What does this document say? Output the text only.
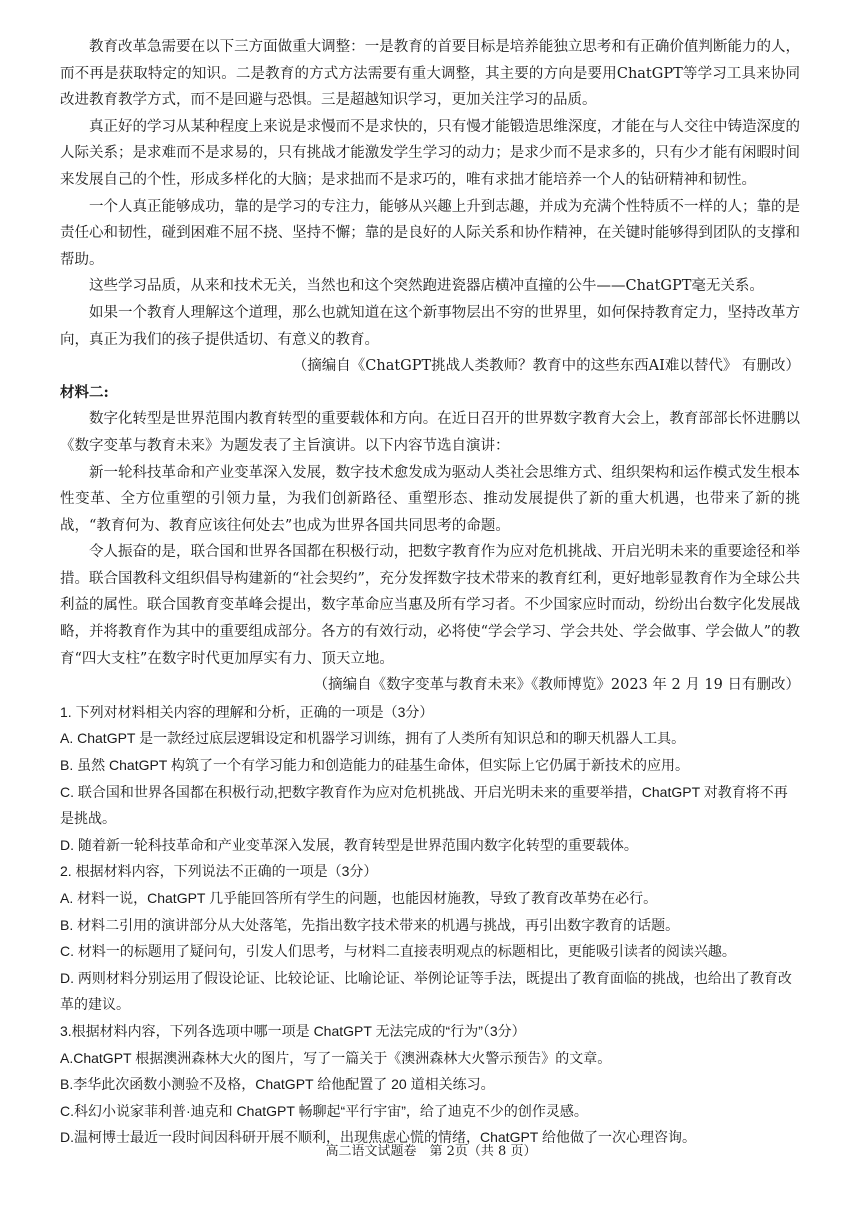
教育改革急需要在以下三方面做重大调整：一是教育的首要目标是培养能独立思考和有正确价值判断能力的人，而不再是获取特定的知识。二是教育的方式方法需要有重大调整，其主要的方向是要用ChatGPT等学习工具来协同改进教育教学方式，而不是回避与恐惧。三是超越知识学习，更加关注学习的品质。

真正好的学习从某种程度上来说是求慢而不是求快的，只有慢才能锻造思维深度，才能在与人交往中铸造深度的人际关系；是求难而不是求易的，只有挑战才能激发学生学习的动力；是求少而不是求多的，只有少才能有闲暇时间来发展自己的个性，形成多样化的大脑；是求拙而不是求巧的，唯有求拙才能培养一个人的钻研精神和韧性。

一个人真正能够成功，靠的是学习的专注力，能够从兴趣上升到志趣，并成为充满个性特质不一样的人；靠的是责任心和韧性，碰到困难不屈不挠、坚持不懈；靠的是良好的人际关系和协作精神，在关键时能够得到团队的支撑和帮助。

这些学习品质，从来和技术无关，当然也和这个突然跑进瓷器店横冲直撞的公牛——ChatGPT毫无关系。

如果一个教育人理解这个道理，那么也就知道在这个新事物层出不穷的世界里，如何保持教育定力，坚持改革方向，真正为我们的孩子提供适切、有意义的教育。

（摘编自《ChatGPT挑战人类教师？教育中的这些东西AI难以替代》 有删改）

材料二:

数字化转型是世界范围内教育转型的重要载体和方向。在近日召开的世界数字教育大会上，教育部部长怀进鹏以《数字变革与教育未来》为题发表了主旨演讲。以下内容节选自演讲：

新一轮科技革命和产业变革深入发展，数字技术愈发成为驱动人类社会思维方式、组织架构和运作模式发生根本性变革、全方位重塑的引领力量，为我们创新路径、重塑形态、推动发展提供了新的重大机遇，也带来了新的挑战，“教育何为、教育应该往何处去”也成为世界各国共同思考的命题。

令人振奋的是，联合国和世界各国都在积极行动，把数字教育作为应对危机挑战、开启光明未来的重要途径和举措。联合国教科文组织倡导构建新的“社会契约”，充分发挥数字技术带来的教育红利，更好地彰显教育作为全球公共利益的属性。联合国教育变革峰会提出，数字革命应当惠及所有学习者。不少国家应时而动，纷纷出台数字化发展战略，并将教育作为其中的重要组成部分。各方的有效行动，必将使“学会学习、学会共处、学会做事、学会做人”的教育“四大支柱”在数字时代更加厚实有力、顶天立地。

（摘编自《数字变革与教育未来》《教师博览》2023 年 2 月 19 日有删改）

1. 下列对材料相关内容的理解和分析，正确的一项是（3分）

A. ChatGPT 是一款经过底层逻辑设定和机器学习训练，拥有了人类所有知识总和的聊天机器人工具。

B. 虽然 ChatGPT 构筑了一个有学习能力和创造能力的硅基生命体，但实际上它仍属于新技术的应用。

C. 联合国和世界各国都在积极行动,把数字教育作为应对危机挑战、开启光明未来的重要举措，ChatGPT 对教育将不再是挑战。

D. 随着新一轮科技革命和产业变革深入发展，教育转型是世界范围内数字化转型的重要载体。

2. 根据材料内容，下列说法不正确的一项是（3分）

A. 材料一说，ChatGPT 几乎能回答所有学生的问题，也能因材施教，导致了教育改革势在必行。

B. 材料二引用的演讲部分从大处落笔，先指出数字技术带来的机遇与挑战，再引出数字教育的话题。

C. 材料一的标题用了疑问句，引发人们思考，与材料二直接表明观点的标题相比，更能吸引读者的阅读兴趣。

D. 两则材料分别运用了假设论证、比较论证、比喻论证、举例论证等手法，既提出了教育面临的挑战，也给出了教育改革的建议。

3.根据材料内容，下列各选项中哪一项是 ChatGPT 无法完成的“行为”（3分）

A.ChatGPT 根据澳洲森林大火的图片，写了一篇关于《澳洲森林大火警示预告》的文章。

B.李华此次函数小测验不及格，ChatGPT 给他配置了 20 道相关练习。

C.科幻小说家菲利普·迪克和 ChatGPT 畅聊起“平行宇宙”，给了迪克不少的创作灵感。

D.温柯博士最近一段时间因科研开展不顺利，出现焦虑心慌的情绪，ChatGPT 给他做了一次心理咨询。

高二语文试题卷　第 2页（共 8 页）
